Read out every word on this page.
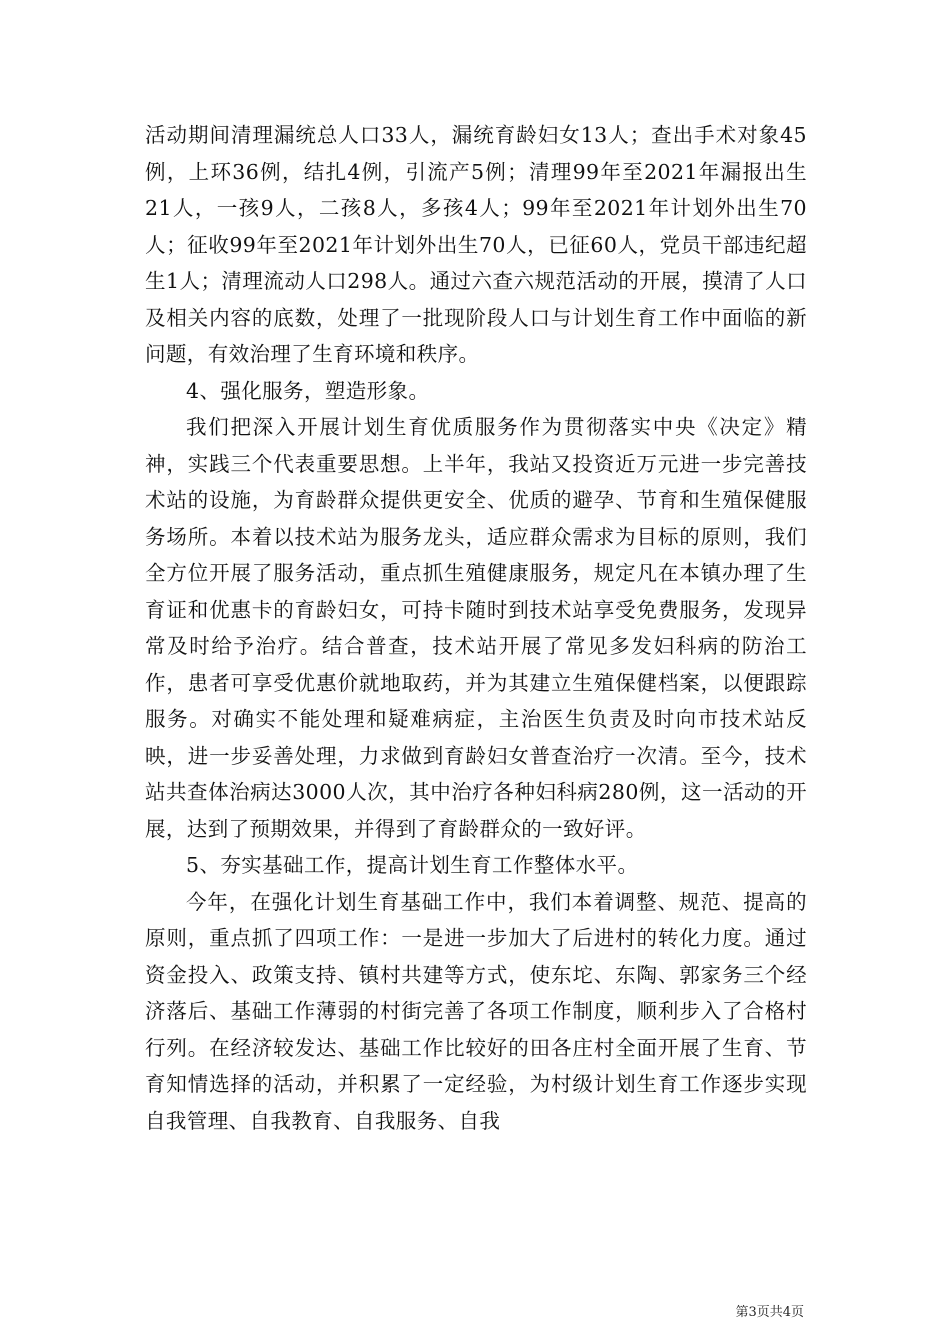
活动期间清理漏统总人口33人，漏统育龄妇女13人；查出手术对象45例，上环36例，结扎4例，引流产5例；清理99年至2021年漏报出生21人，一孩9人，二孩8人，多孩4人；99年至2021年计划外出生70人；征收99年至2021年计划外出生70人，已征60人，党员干部违纪超生1人；清理流动人口298人。通过六查六规范活动的开展，摸清了人口及相关内容的底数，处理了一批现阶段人口与计划生育工作中面临的新问题，有效治理了生育环境和秩序。

4、强化服务，塑造形象。

我们把深入开展计划生育优质服务作为贯彻落实中央《决定》精神，实践三个代表重要思想。上半年，我站又投资近万元进一步完善技术站的设施，为育龄群众提供更安全、优质的避孕、节育和生殖保健服务场所。本着以技术站为服务龙头，适应群众需求为目标的原则，我们全方位开展了服务活动，重点抓生殖健康服务，规定凡在本镇办理了生育证和优惠卡的育龄妇女，可持卡随时到技术站享受免费服务，发现异常及时给予治疗。结合普查，技术站开展了常见多发妇科病的防治工作，患者可享受优惠价就地取药，并为其建立生殖保健档案，以便跟踪服务。对确实不能处理和疑难病症，主治医生负责及时向市技术站反映，进一步妥善处理，力求做到育龄妇女普查治疗一次清。至今，技术站共查体治病达3000人次，其中治疗各种妇科病280例，这一活动的开展，达到了预期效果，并得到了育龄群众的一致好评。

5、夯实基础工作，提高计划生育工作整体水平。

今年，在强化计划生育基础工作中，我们本着调整、规范、提高的原则，重点抓了四项工作：一是进一步加大了后进村的转化力度。通过资金投入、政策支持、镇村共建等方式，使东坨、东陶、郭家务三个经济落后、基础工作薄弱的村街完善了各项工作制度，顺利步入了合格村行列。在经济较发达、基础工作比较好的田各庄村全面开展了生育、节育知情选择的活动，并积累了一定经验，为村级计划生育工作逐步实现自我管理、自我教育、自我服务、自我

第3页共4页
